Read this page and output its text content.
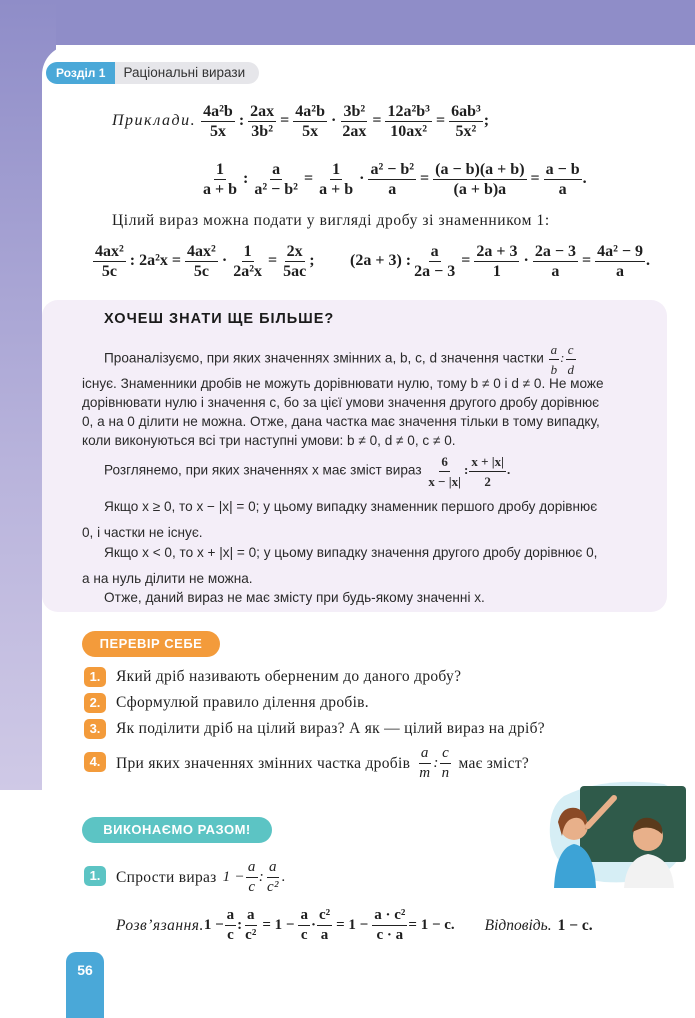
Розділ 1	Раціональні вирази
Приклади. $\frac{\text{4a²b}}{5x}$ : $\frac{2ax}{\text{3b²}} = \frac{\text{4a²b}}{5x} \cdot \frac{\text{3b²}}{2ax} = \frac{\text{12a²b³}}{\text{10ax²}} = \frac{\text{6ab³}}{\text{5x²}}$ ;
$\frac{1}{a + b}$ : $\frac{a}{\text{a² − b²}} = \frac{1}{a + b} \cdot \frac{\text{a² − b²}}{a} = \frac{(a - b)(a + b)}{(a + b)a} = \frac{a - b}{a}$ .
Цілий вираз можна подати у вигляді дробу зі знаменником 1:
$\frac{\text{4ax²}}{5c}$ : $2a^2x = \frac{\text{4ax²}}{5c} \cdot \frac{1}{\text{2a²x}} = \frac{2x}{5ac}$ ; (2a + 3) : $\frac{a}{2a - 3} = \frac{2a + 3}{1} \cdot \frac{2a - 3}{a} = \frac{\text{4a² − 9}}{a}$ .
ХОЧЕШ ЗНАТИ ЩЕ БІЛЬШЕ?
Проаналізуємо, при яких значеннях змінних a, b, c, d значення частки $\frac{a}{b}$ : $\frac{c}{d}$
існує. Знаменники дробів не можуть дорівнювати нулю, тому b ≠ 0 і d ≠ 0. Не може
дорівнювати нулю і значення c, бо за цієї умови значення другого дробу дорівнює
0, а на 0 ділити не можна. Отже, дана частка має значення тільки в тому випадку,
коли виконуються всі три наступні умови: b ≠ 0, d ≠ 0, c ≠ 0.
Розглянемо, при яких значеннях x має зміст вираз $\frac{6}{x - |x|}$ : $\frac{x + |x|}{2}$ .
Якщо x ≥ 0, то x − |x| = 0; у цьому випадку знаменник першого дробу дорівнює
0, і частки не існує.
Якщо x < 0, то x + |x| = 0; у цьому випадку значення другого дробу дорівнює 0,
а на нуль ділити не можна.
Отже, даний вираз не має змісту при будь-якому значенні x.
ПЕРЕВІР СЕБЕ
1.	Який дріб називають оберненим до даного дробу?
2.	Сформулюй правило ділення дробів.
3.	Як поділити дріб на цілий вираз? А як — цілий вираз на дріб?
4.	При яких значеннях змінних частка дробів $\frac{a}{m}$ : $\frac{c}{n}$ має зміст?
ВИКОНАЄМО РАЗОМ!
1.	Спрости вираз $1 - \frac{a}{c}$ : $\frac{a}{\text{c²}}$ .
Розв’язання. $1 - \frac{a}{c}$ : $\frac{a}{\text{c²}} = 1 - \frac{a}{c} \cdot \frac{\text{c²}}{a} = 1 - \frac{\text{a · c²}}{c \cdot a} = 1 - c$. Відповідь. 1 − c.
56
